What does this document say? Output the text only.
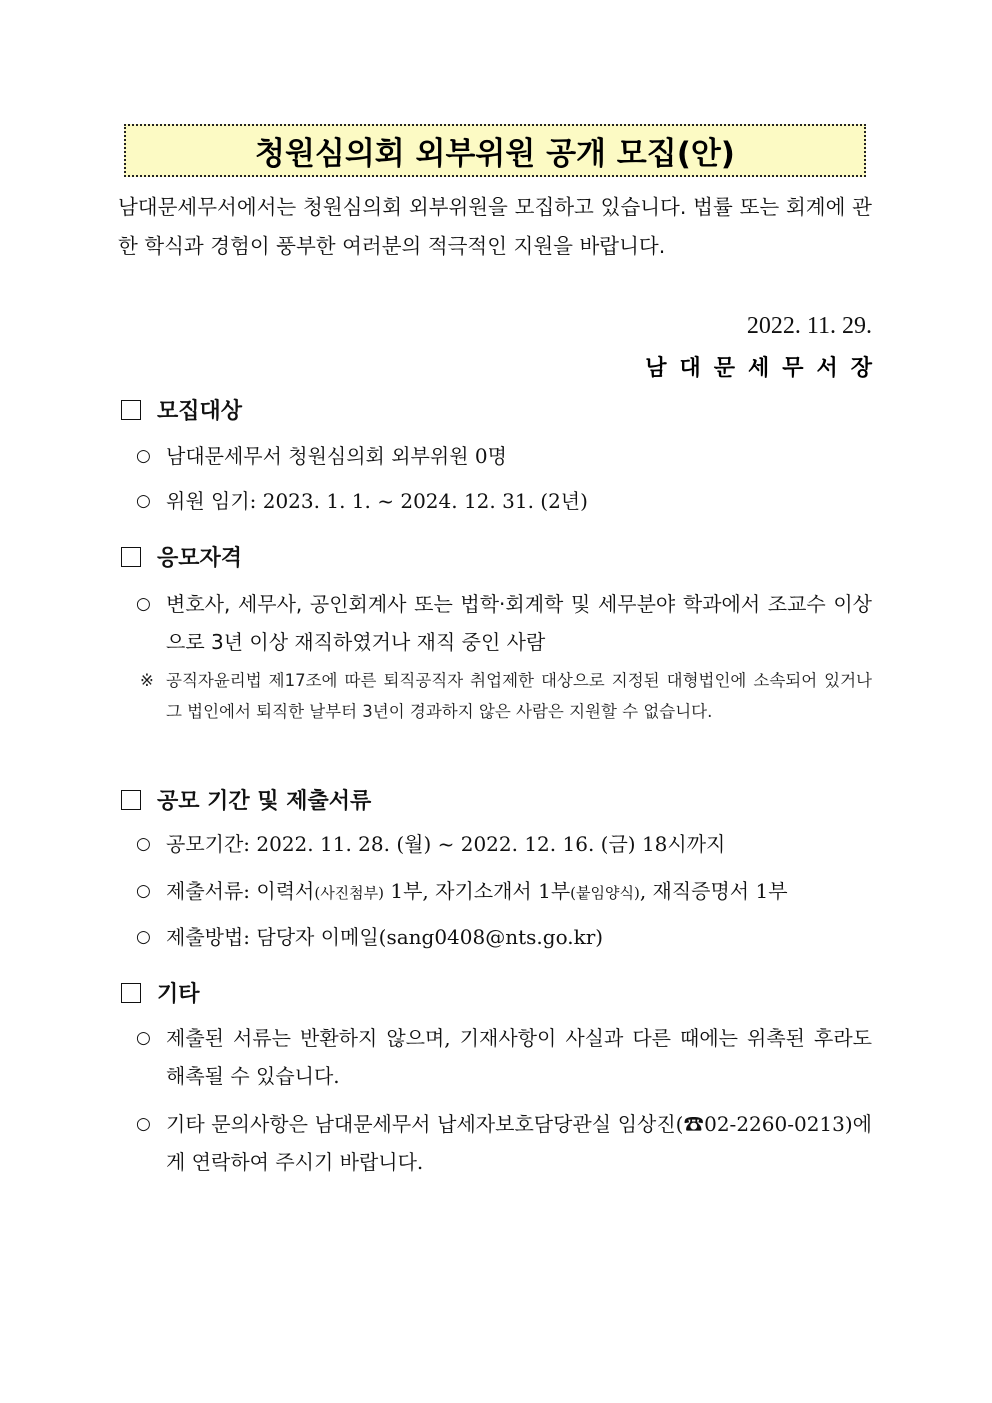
청원심의회 외부위원 공개 모집(안)
남대문세무서에서는 청원심의회 외부위원을 모집하고 있습니다. 법률 또는 회계에 관한 학식과 경험이 풍부한 여러분의 적극적인 지원을 바랍니다.
2022. 11. 29.
남대문세무서장
모집대상
○ 남대문세무서 청원심의회 외부위원 0명
○ 위원 임기: 2023. 1. 1. ~ 2024. 12. 31. (2년)
응모자격
○ 변호사, 세무사, 공인회계사 또는 법학·회계학 및 세무분야 학과에서 조교수 이상으로 3년 이상 재직하였거나 재직 중인 사람
※ 공직자윤리법 제17조에 따른 퇴직공직자 취업제한 대상으로 지정된 대형법인에 소속되어 있거나 그 법인에서 퇴직한 날부터 3년이 경과하지 않은 사람은 지원할 수 없습니다.
공모 기간 및 제출서류
○ 공모기간: 2022. 11. 28. (월) ~ 2022. 12. 16. (금) 18시까지
○ 제출서류: 이력서(사진첨부) 1부, 자기소개서 1부(붙임양식), 재직증명서 1부
○ 제출방법: 담당자 이메일(sang0408@nts.go.kr)
기타
○ 제출된 서류는 반환하지 않으며, 기재사항이 사실과 다른 때에는 위촉된 후라도 해촉될 수 있습니다.
○ 기타 문의사항은 남대문세무서 납세자보호담당관실 임상진(☎02-2260-0213)에게 연락하여 주시기 바랍니다.
